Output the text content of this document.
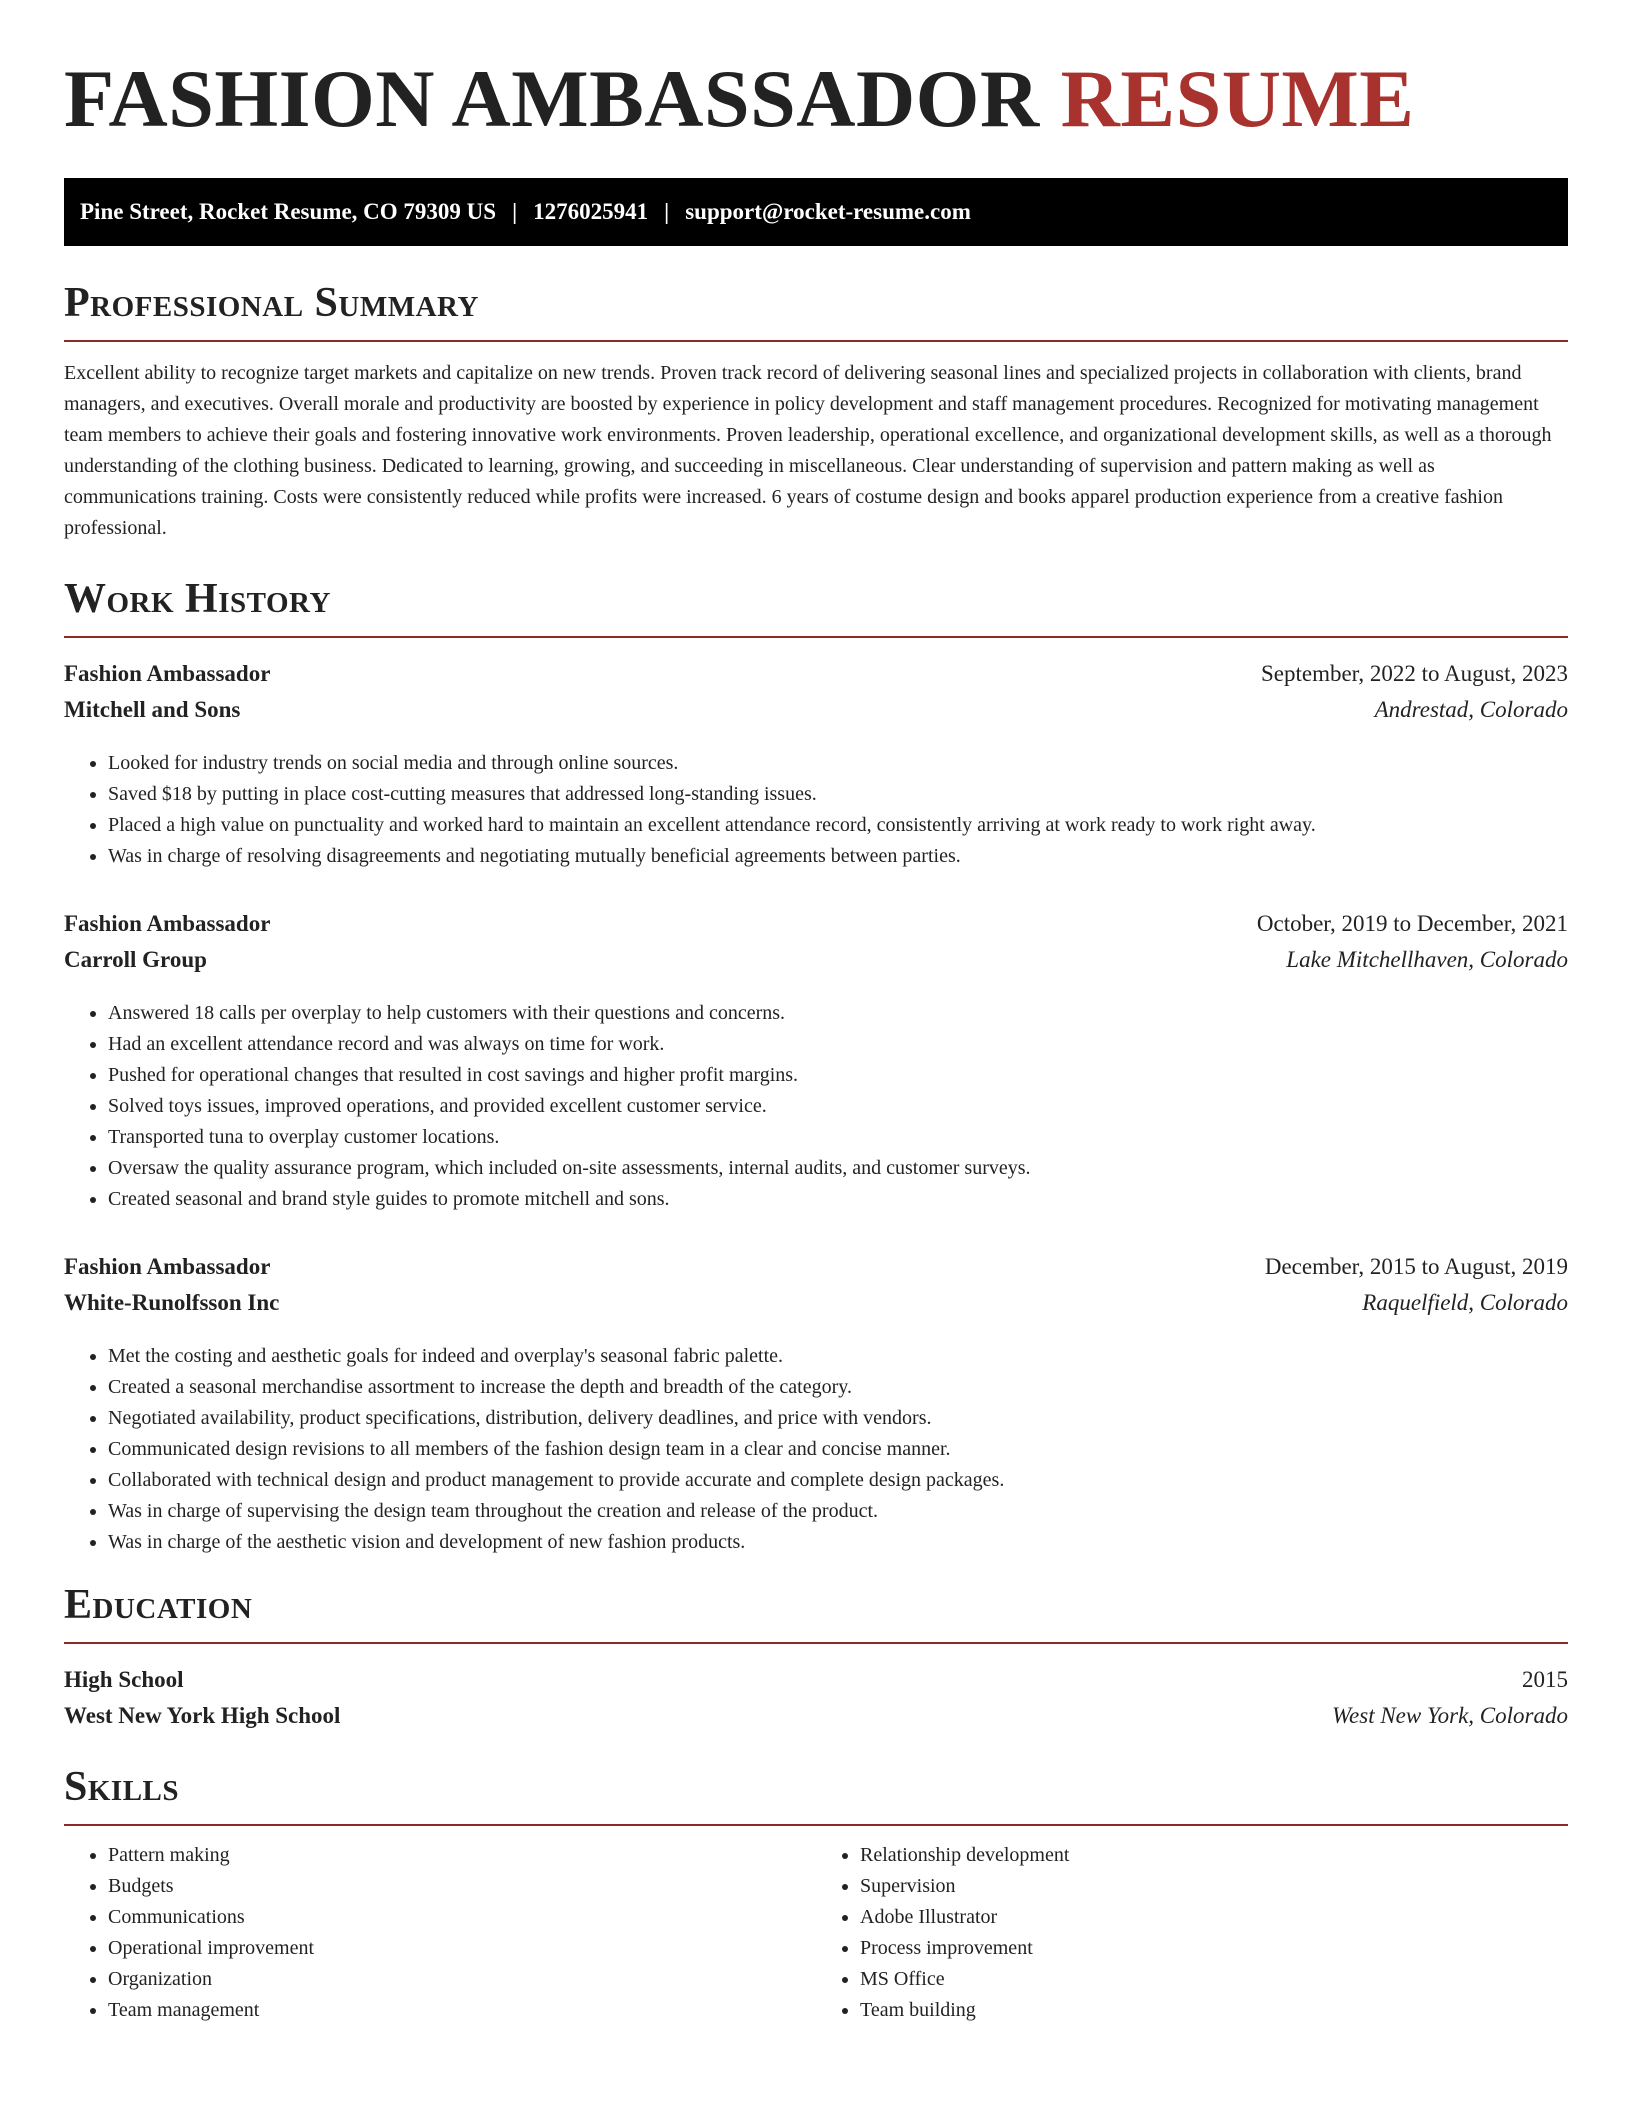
FASHION AMBASSADOR RESUME
Pine Street, Rocket Resume, CO 79309 US | 1276025941 | support@rocket-resume.com
Professional Summary

Excellent ability to recognize target markets and capitalize on new trends. Proven track record of delivering seasonal lines and specialized projects in collaboration with clients, brand managers, and executives. Overall morale and productivity are boosted by experience in policy development and staff management procedures. Recognized for motivating management team members to achieve their goals and fostering innovative work environments. Proven leadership, operational excellence, and organizational development skills, as well as a thorough understanding of the clothing business. Dedicated to learning, growing, and succeeding in miscellaneous. Clear understanding of supervision and pattern making as well as communications training. Costs were consistently reduced while profits were increased. 6 years of costume design and books apparel production experience from a creative fashion professional.

Work History
Fashion Ambassador	September, 2022 to August, 2023
Mitchell and Sons	Andrestad, Colorado
• Looked for industry trends on social media and through online sources.
• Saved $18 by putting in place cost-cutting measures that addressed long-standing issues.
• Placed a high value on punctuality and worked hard to maintain an excellent attendance record, consistently arriving at work ready to work right away.
• Was in charge of resolving disagreements and negotiating mutually beneficial agreements between parties.
Fashion Ambassador	October, 2019 to December, 2021
Carroll Group	Lake Mitchellhaven, Colorado
• Answered 18 calls per overplay to help customers with their questions and concerns.
• Had an excellent attendance record and was always on time for work.
• Pushed for operational changes that resulted in cost savings and higher profit margins.
• Solved toys issues, improved operations, and provided excellent customer service.
• Transported tuna to overplay customer locations.
• Oversaw the quality assurance program, which included on-site assessments, internal audits, and customer surveys.
• Created seasonal and brand style guides to promote mitchell and sons.
Fashion Ambassador	December, 2015 to August, 2019
White-Runolfsson Inc	Raquelfield, Colorado
• Met the costing and aesthetic goals for indeed and overplay's seasonal fabric palette.
• Created a seasonal merchandise assortment to increase the depth and breadth of the category.
• Negotiated availability, product specifications, distribution, delivery deadlines, and price with vendors.
• Communicated design revisions to all members of the fashion design team in a clear and concise manner.
• Collaborated with technical design and product management to provide accurate and complete design packages.
• Was in charge of supervising the design team throughout the creation and release of the product.
• Was in charge of the aesthetic vision and development of new fashion products.
Education
High School	2015
West New York High School	West New York, Colorado
Skills
• Pattern making
• Budgets
• Communications
• Operational improvement
• Organization
• Team management
• Relationship development
• Supervision
• Adobe Illustrator
• Process improvement
• MS Office
• Team building
